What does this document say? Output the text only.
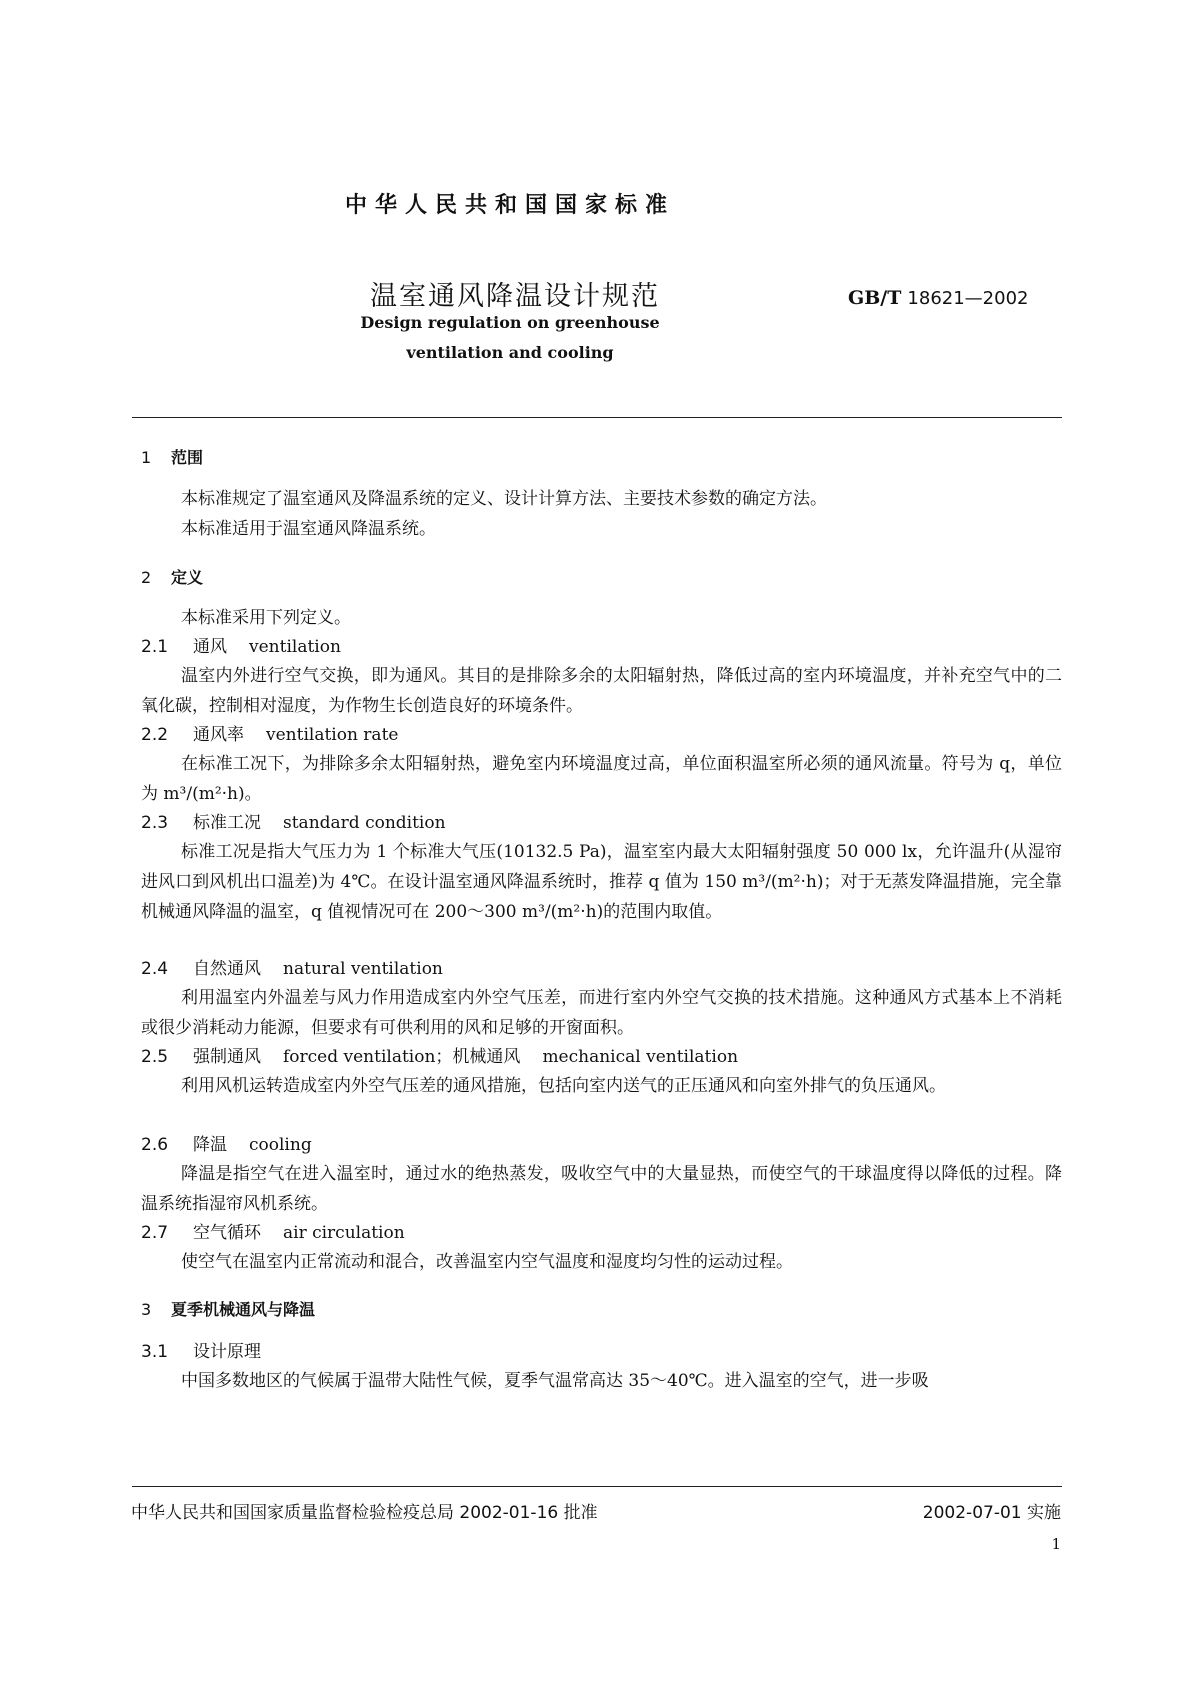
中华人民共和国国家标准
温室通风降温设计规范	GB/T 18621—2002
Design regulation on greenhouse
ventilation and cooling
1 范围
本标准规定了温室通风及降温系统的定义、设计计算方法、主要技术参数的确定方法。
本标准适用于温室通风降温系统。
2 定义
本标准采用下列定义。
2.1 通风 ventilation
温室内外进行空气交换，即为通风。其目的是排除多余的太阳辐射热，降低过高的室内环境温度，并补充空气中的二氧化碳，控制相对湿度，为作物生长创造良好的环境条件。
2.2 通风率 ventilation rate
在标准工况下，为排除多余太阳辐射热，避免室内环境温度过高，单位面积温室所必须的通风流量。符号为 q，单位为 m³/(m²·h)。
2.3 标准工况 standard condition
标准工况是指大气压力为 1 个标准大气压(10132.5 Pa)，温室室内最大太阳辐射强度 50 000 lx，允许温升(从湿帘进风口到风机出口温差)为 4℃。在设计温室通风降温系统时，推荐 q 值为 150 m³/(m²·h)；对于无蒸发降温措施，完全靠机械通风降温的温室，q 值视情况可在 200～300 m³/(m²·h)的范围内取值。
2.4 自然通风 natural ventilation
利用温室内外温差与风力作用造成室内外空气压差，而进行室内外空气交换的技术措施。这种通风方式基本上不消耗或很少消耗动力能源，但要求有可供利用的风和足够的开窗面积。
2.5 强制通风 forced ventilation；机械通风 mechanical ventilation
利用风机运转造成室内外空气压差的通风措施，包括向室内送气的正压通风和向室外排气的负压通风。
2.6 降温 cooling
降温是指空气在进入温室时，通过水的绝热蒸发，吸收空气中的大量显热，而使空气的干球温度得以降低的过程。降温系统指湿帘风机系统。
2.7 空气循环 air circulation
使空气在温室内正常流动和混合，改善温室内空气温度和湿度均匀性的运动过程。
3 夏季机械通风与降温
3.1 设计原理
中国多数地区的气候属于温带大陆性气候，夏季气温常高达 35～40℃。进入温室的空气，进一步吸
中华人民共和国国家质量监督检验检疫总局 2002-01-16 批准	2002-07-01 实施
1
